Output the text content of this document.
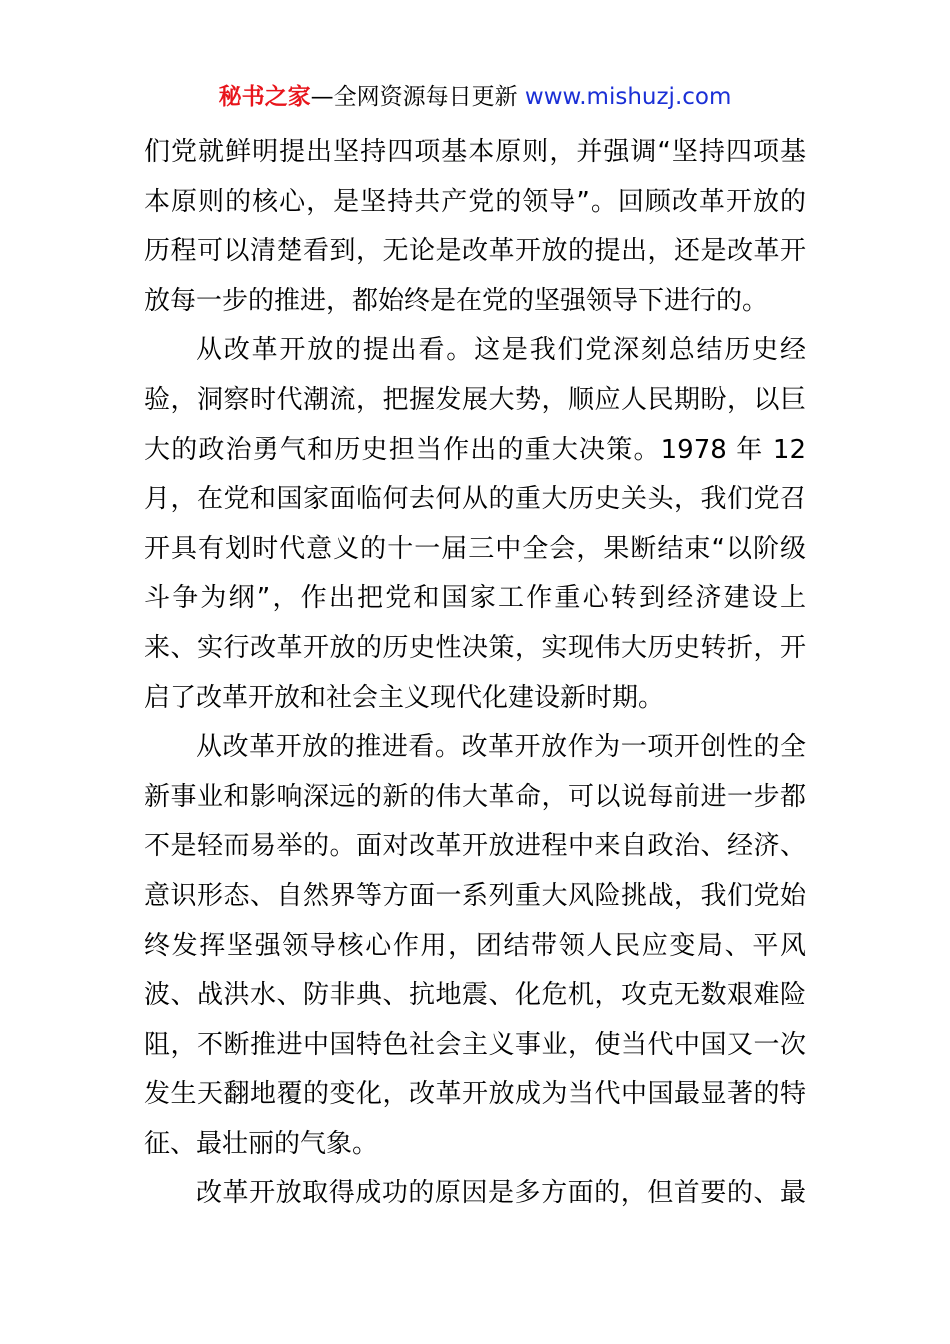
秘书之家—全网资源每日更新 www.mishuzj.com
们党就鲜明提出坚持四项基本原则，并强调“坚持四项基
本原则的核心，是坚持共产党的领导”。回顾改革开放的
历程可以清楚看到，无论是改革开放的提出，还是改革开
放每一步的推进，都始终是在党的坚强领导下进行的。
从改革开放的提出看。这是我们党深刻总结历史经
验，洞察时代潮流，把握发展大势，顺应人民期盼，以巨
大的政治勇气和历史担当作出的重大决策。1978 年 12
月，在党和国家面临何去何从的重大历史关头，我们党召
开具有划时代意义的十一届三中全会，果断结束“以阶级
斗争为纲”，作出把党和国家工作重心转到经济建设上
来、实行改革开放的历史性决策，实现伟大历史转折，开
启了改革开放和社会主义现代化建设新时期。
从改革开放的推进看。改革开放作为一项开创性的全
新事业和影响深远的新的伟大革命，可以说每前进一步都
不是轻而易举的。面对改革开放进程中来自政治、经济、
意识形态、自然界等方面一系列重大风险挑战，我们党始
终发挥坚强领导核心作用，团结带领人民应变局、平风
波、战洪水、防非典、抗地震、化危机，攻克无数艰难险
阻，不断推进中国特色社会主义事业，使当代中国又一次
发生天翻地覆的变化，改革开放成为当代中国最显著的特
征、最壮丽的气象。
改革开放取得成功的原因是多方面的，但首要的、最
